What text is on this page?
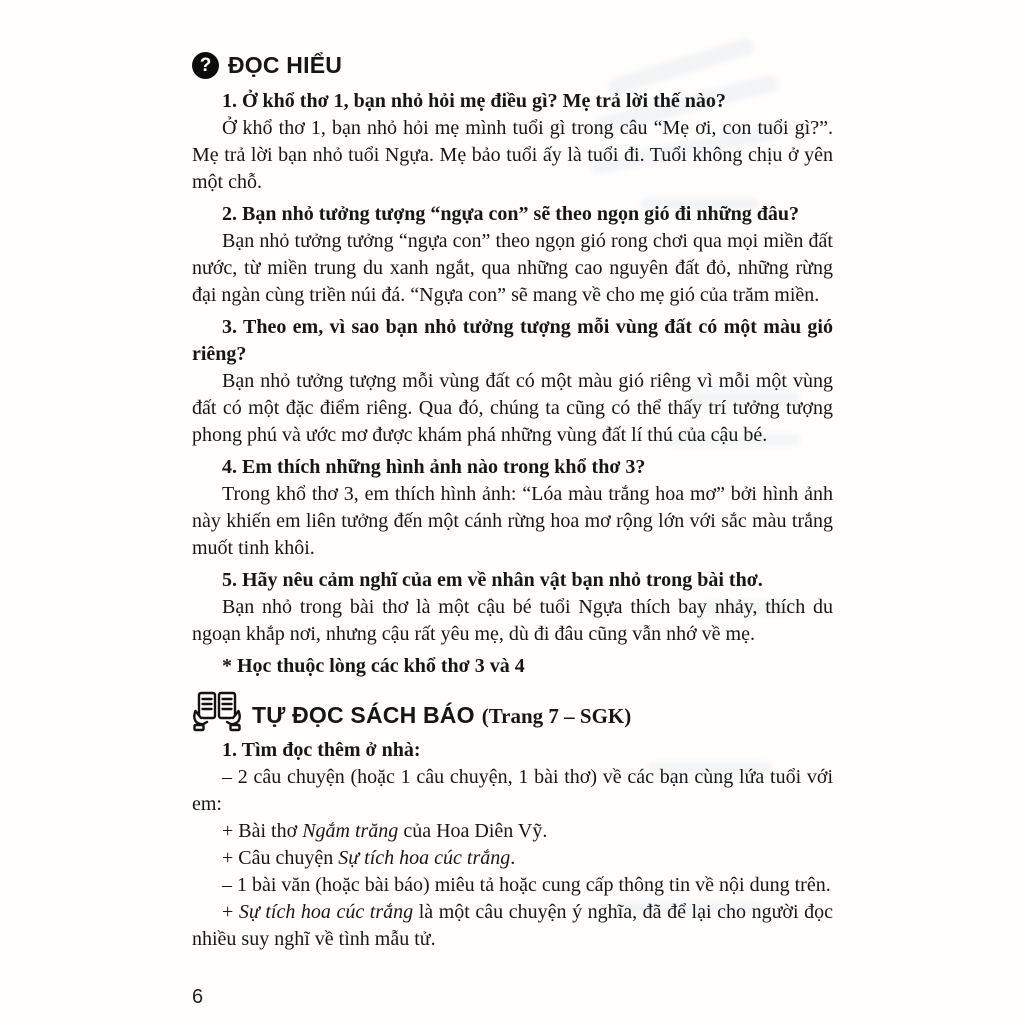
? ĐỌC HIỂU

1. Ở khổ thơ 1, bạn nhỏ hỏi mẹ điều gì? Mẹ trả lời thế nào?

Ở khổ thơ 1, bạn nhỏ hỏi mẹ mình tuổi gì trong câu “Mẹ ơi, con tuổi gì?”. Mẹ trả lời bạn nhỏ tuổi Ngựa. Mẹ bảo tuổi ấy là tuổi đi. Tuổi không chịu ở yên một chỗ.

2. Bạn nhỏ tưởng tượng “ngựa con” sẽ theo ngọn gió đi những đâu?

Bạn nhỏ tưởng tưởng “ngựa con” theo ngọn gió rong chơi qua mọi miền đất nước, từ miền trung du xanh ngắt, qua những cao nguyên đất đỏ, những rừng đại ngàn cùng triền núi đá. “Ngựa con” sẽ mang về cho mẹ gió của trăm miền.

3. Theo em, vì sao bạn nhỏ tưởng tượng mỗi vùng đất có một màu gió riêng?

Bạn nhỏ tưởng tượng mỗi vùng đất có một màu gió riêng vì mỗi một vùng đất có một đặc điểm riêng. Qua đó, chúng ta cũng có thể thấy trí tưởng tượng phong phú và ước mơ được khám phá những vùng đất lí thú của cậu bé.

4. Em thích những hình ảnh nào trong khổ thơ 3?

Trong khổ thơ 3, em thích hình ảnh: “Lóa màu trắng hoa mơ” bởi hình ảnh này khiến em liên tưởng đến một cánh rừng hoa mơ rộng lớn với sắc màu trắng muốt tinh khôi.

5. Hãy nêu cảm nghĩ của em về nhân vật bạn nhỏ trong bài thơ.

Bạn nhỏ trong bài thơ là một cậu bé tuổi Ngựa thích bay nhảy, thích du ngoạn khắp nơi, nhưng cậu rất yêu mẹ, dù đi đâu cũng vẫn nhớ về mẹ.

* Học thuộc lòng các khổ thơ 3 và 4

TỰ ĐỌC SÁCH BÁO (Trang 7 – SGK)

1. Tìm đọc thêm ở nhà:

– 2 câu chuyện (hoặc 1 câu chuyện, 1 bài thơ) về các bạn cùng lứa tuổi với em:

+ Bài thơ Ngắm trăng của Hoa Diên Vỹ.

+ Câu chuyện Sự tích hoa cúc trắng.

– 1 bài văn (hoặc bài báo) miêu tả hoặc cung cấp thông tin về nội dung trên.

+ Sự tích hoa cúc trắng là một câu chuyện ý nghĩa, đã để lại cho người đọc nhiều suy nghĩ về tình mẫu tử.

6
